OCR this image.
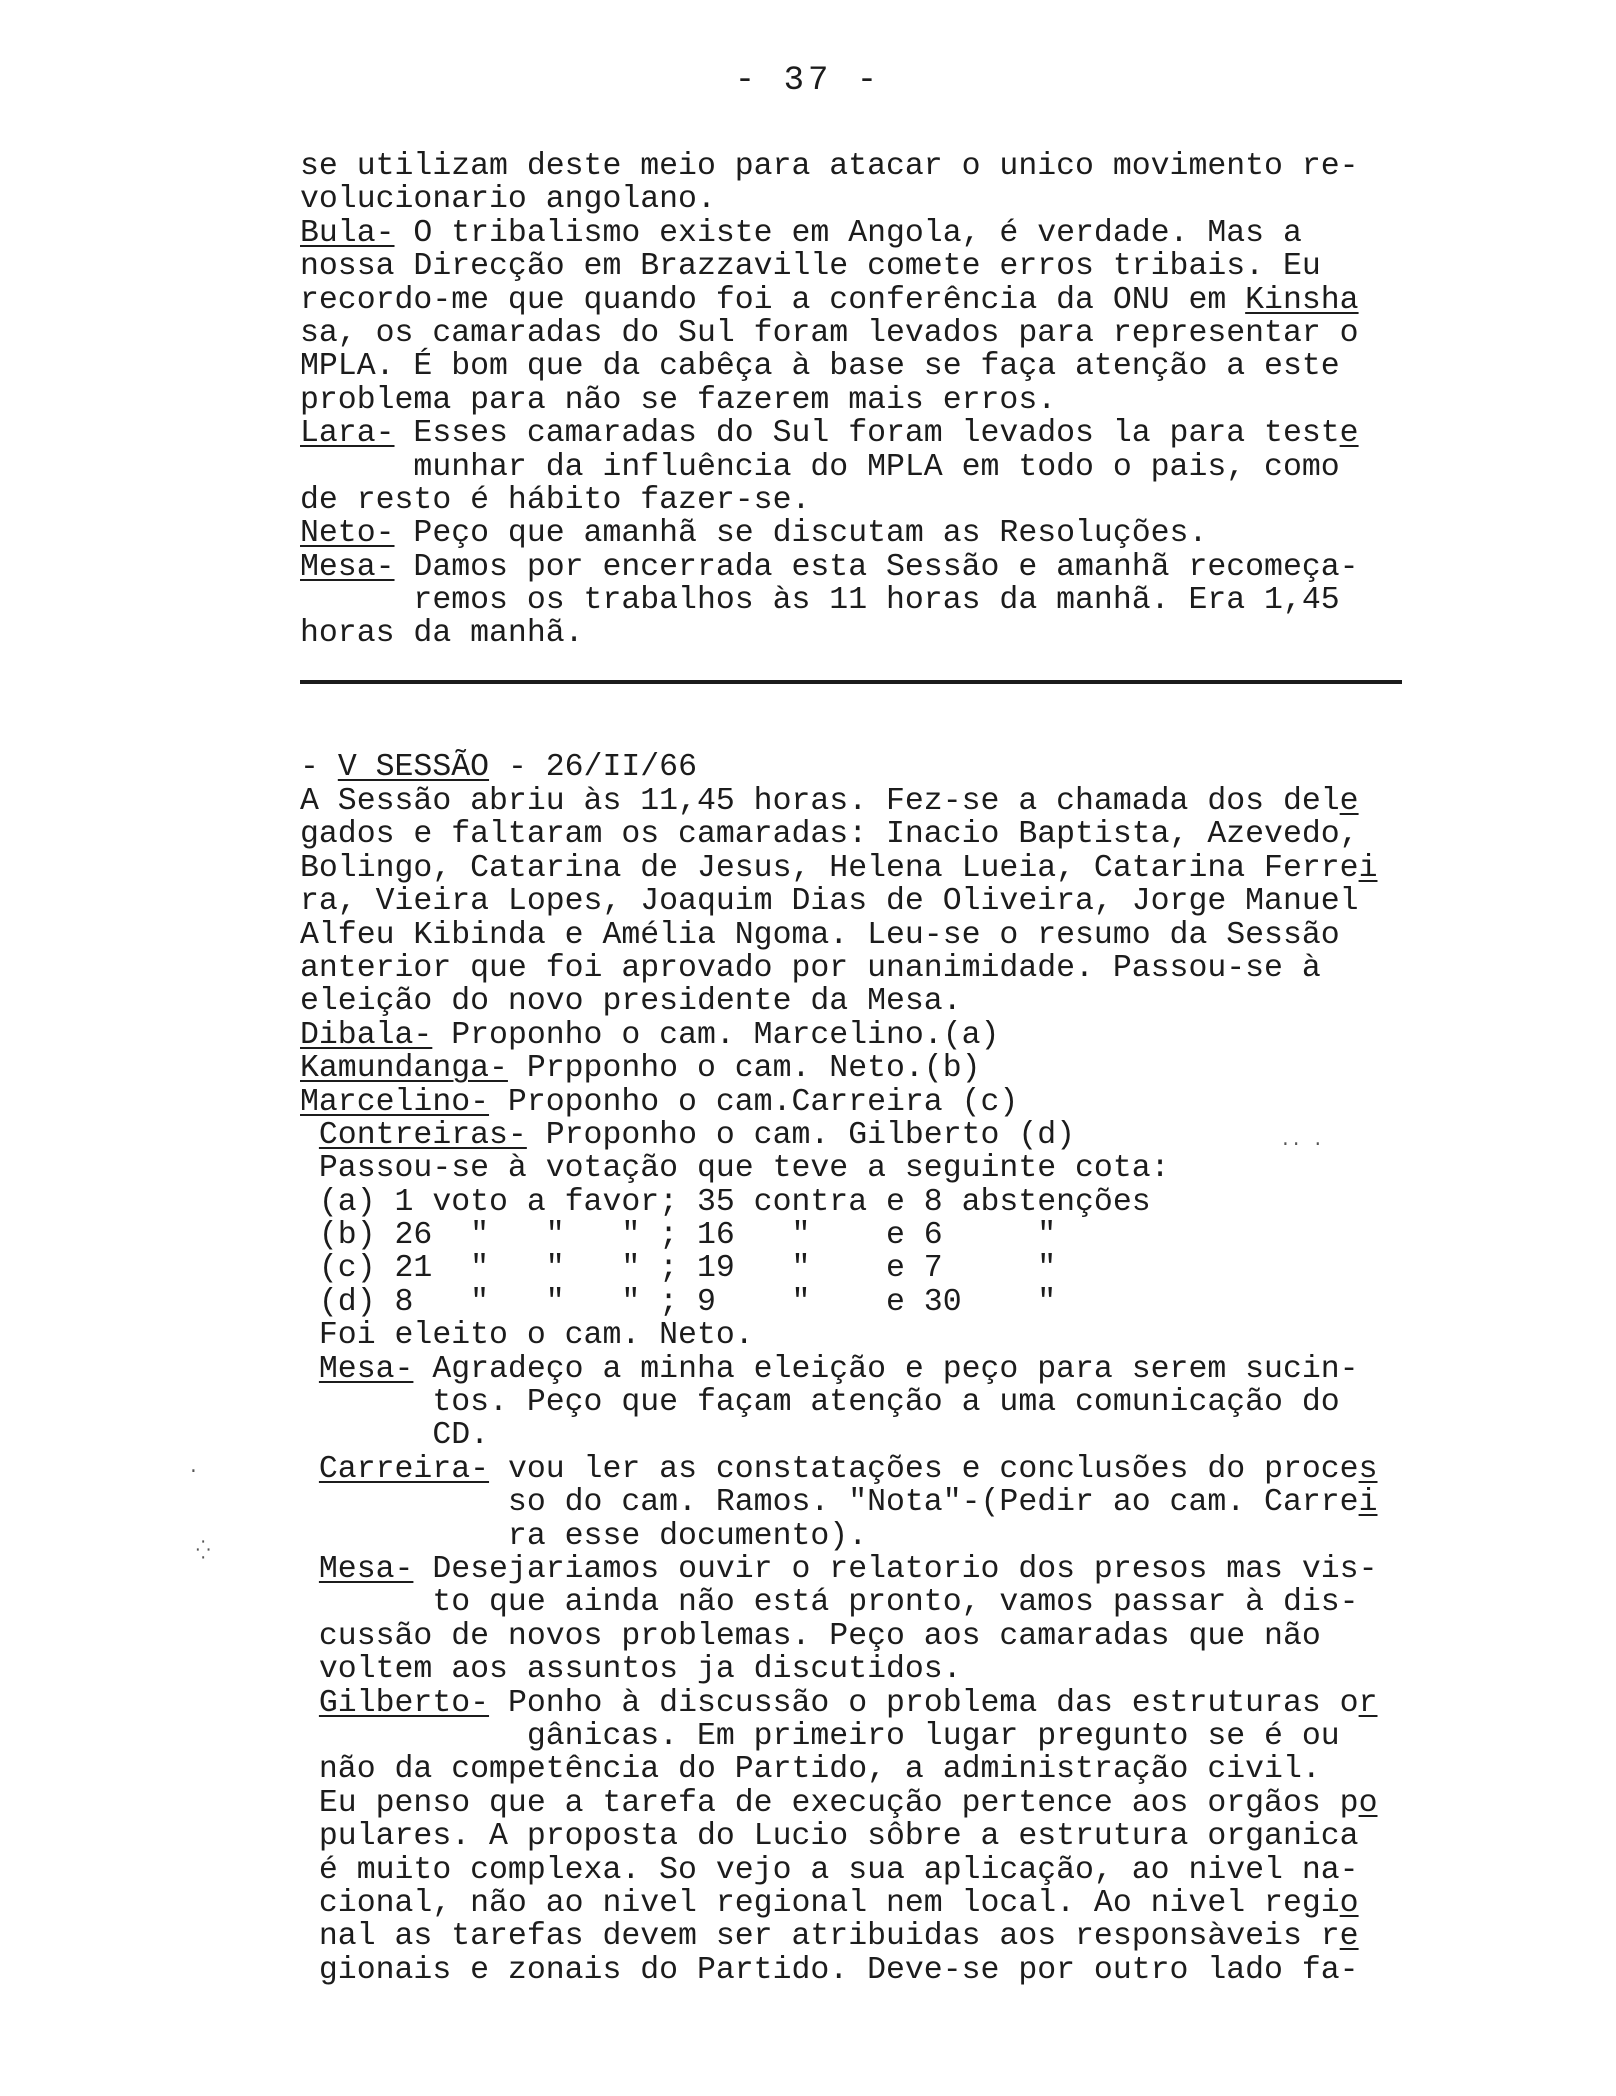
- 37 -
se utilizam deste meio para atacar o unico movimento re-
volucionario angolano.
Bula- O tribalismo existe em Angola, é verdade. Mas a
nossa Direcção em Brazzaville comete erros tribais. Eu
recordo-me que quando foi a conferência da ONU em Kinsha
sa, os camaradas do Sul foram levados para representar o
MPLA. É bom que da cabêça à base se faça atenção a este
problema para não se fazerem mais erros.
Lara- Esses camaradas do Sul foram levados la para teste
munhar da influência do MPLA em todo o pais, como
de resto é hábito fazer-se.
Neto- Peço que amanhã se discutam as Resoluções.
Mesa- Damos por encerrada esta Sessão e amanhã recomeça-
remos os trabalhos às 11 horas da manhã. Era 1,45
horas da manhã.

V SESSÃO - 26/II/66

-
A Sessão abriu às 11,45 horas. Fez-se a chamada dos dele
gados e faltaram os camaradas: Inacio Baptista, Azevedo,
Bolingo, Catarina de Jesus, Helena Lueia, Catarina Ferrei
ra, Vieira Lopes, Joaquim Dias de Oliveira, Jorge Manuel
Alfeu Kibinda e Amélia Ngoma. Leu-se o resumo da Sessão
anterior que foi aprovado por unanimidade. Passou-se à
eleição do novo presidente da Mesa.
Dibala- Proponho o cam. Marcelino.(a)
Kamundanga- Prpponho o cam. Neto.(b)
Marcelino- Proponho o cam.Carreira (c)
Contreiras- Proponho o cam. Gilberto (d)
Passou-se à votação que teve a seguinte cota:
(a) 1 voto a favor; 35 contra e 8 abstenções
(b) 26  "   "   " ; 16   "    e 6     "
(c) 21  "   "   " ; 19   "    e 7     "
(d) 8   "   "   " ; 9    "    e 30    "
Foi eleito o cam. Neto.
Mesa- Agradeço a minha eleição e peço para serem sucin-
tos. Peço que façam atenção a uma comunicação do
CD.
Carreira- vou ler as constatações e conclusões do proces
so do cam. Ramos. "Nota"-(Pedir ao cam. Carrei
ra esse documento).
Mesa- Desejariamos ouvir o relatorio dos presos mas vis-
to que ainda não está pronto, vamos passar à dis-
cussão de novos problemas. Peço aos camaradas que não
voltem aos assuntos ja discutidos.
Gilberto- Ponho à discussão o problema das estruturas or
gânicas. Em primeiro lugar pregunto se é ou
não da competência do Partido, a administração civil.
Eu penso que a tarefa de execução pertence aos orgãos po
pulares. A proposta do Lucio sôbre a estrutura organica
é muito complexa. So vejo a sua aplicação, ao nivel na-
cional, não ao nivel regional nem local. Ao nivel regio
nal as tarefas devem ser atribuidas aos responsàveis re
gionais e zonais do Partido. Deve-se por outro lado fa-
·
⁛
·· ·
